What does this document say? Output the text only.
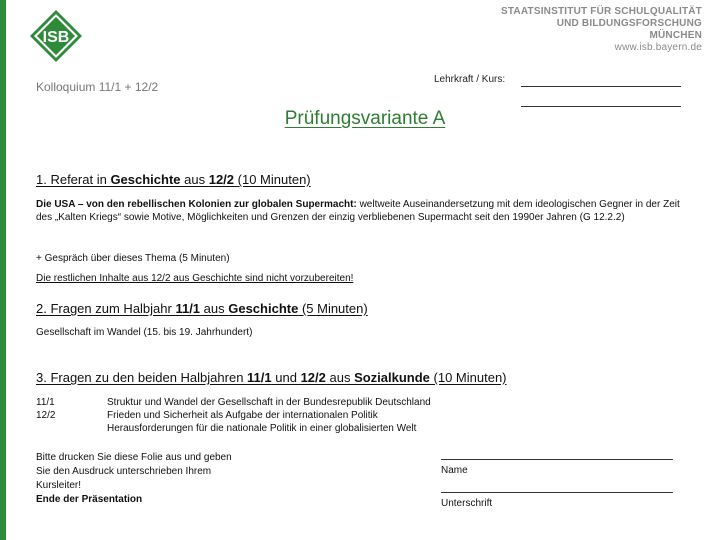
ISB
STAATSINSTITUT FÜR SCHULQUALITÄT
UND BILDUNGSFORSCHUNG
MÜNCHEN
www.isb.bayern.de
Kolloquium 11/1 + 12/2
Lehrkraft / Kurs:
Prüfungsvariante A
1. Referat in Geschichte aus 12/2 (10 Minuten)
Die USA – von den rebellischen Kolonien zur globalen Supermacht: weltweite Auseinandersetzung mit dem ideologischen Gegner in der Zeit des „Kalten Kriegs“ sowie Motive, Möglichkeiten und Grenzen der einzig verbliebenen Supermacht seit den 1990er Jahren (G 12.2.2)
+ Gespräch über dieses Thema (5 Minuten)
Die restlichen Inhalte aus 12/2 aus Geschichte sind nicht vorzubereiten!
2. Fragen zum Halbjahr 11/1 aus Geschichte (5 Minuten)
Gesellschaft im Wandel (15. bis 19. Jahrhundert)
3. Fragen zu den beiden Halbjahren 11/1 und 12/2 aus Sozialkunde (10 Minuten)
11/1
12/2
Struktur und Wandel der Gesellschaft in der Bundesrepublik Deutschland
Frieden und Sicherheit als Aufgabe der internationalen Politik
Herausforderungen für die nationale Politik in einer globalisierten Welt
Bitte drucken Sie diese Folie aus und geben Sie den Ausdruck unterschrieben Ihrem Kursleiter!
Ende der Präsentation
Name
Unterschrift
